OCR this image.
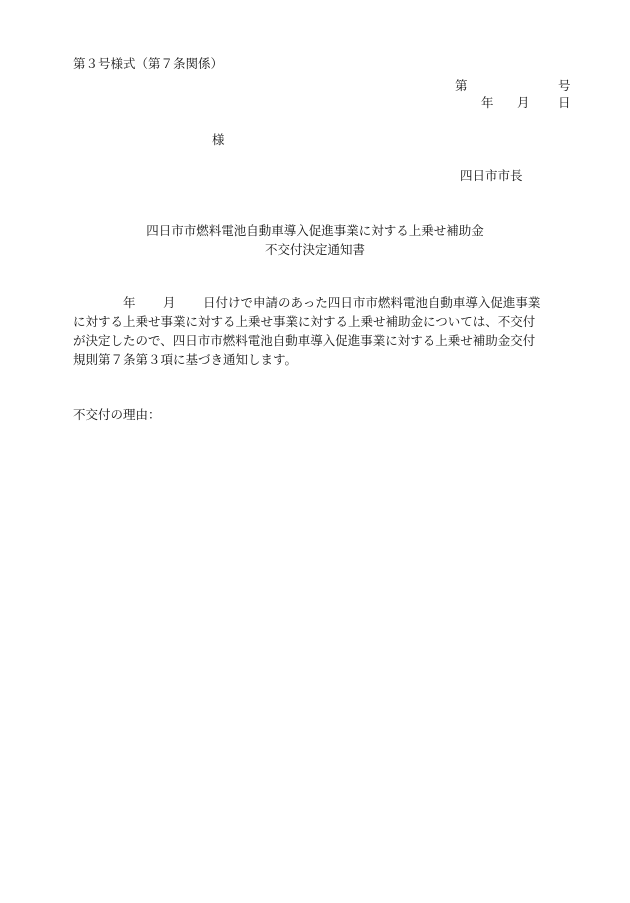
第３号様式（第７条関係）
第	号
年 月 日
様
四日市市長
四日市市燃料電池自動車導入促進事業に対する上乗せ補助金
不交付決定通知書
年 月 日付けで申請のあった四日市市燃料電池自動車導入促進事業
に対する上乗せ事業に対する上乗せ事業に対する上乗せ補助金については、不交付
が決定したので、四日市市燃料電池自動車導入促進事業に対する上乗せ補助金交付
規則第７条第３項に基づき通知します。
不交付の理由：
